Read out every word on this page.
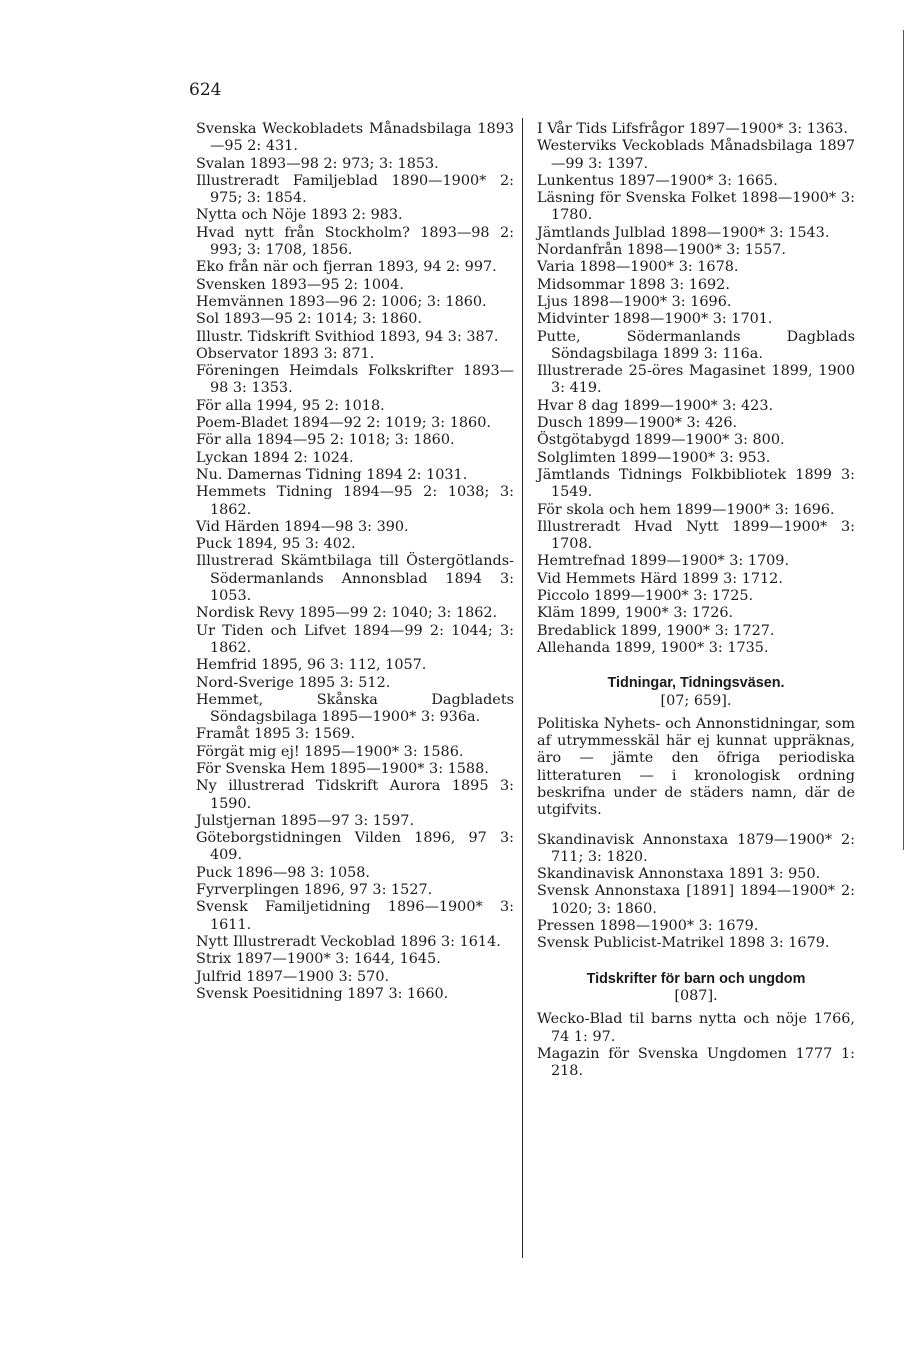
624

Svenska Weckobladets Månadsbilaga 1893—95 2: 431.

Svalan 1893—98 2: 973; 3: 1853.

Illustreradt Familjeblad 1890—1900* 2: 975; 3: 1854.

Nytta och Nöje 1893 2: 983.

Hvad nytt från Stockholm? 1893—98 2: 993; 3: 1708, 1856.

Eko från när och fjerran 1893, 94 2: 997.

Svensken 1893—95 2: 1004.

Hemvännen 1893—96 2: 1006; 3: 1860.

Sol 1893—95 2: 1014; 3: 1860.

Illustr. Tidskrift Svithiod 1893, 94 3: 387.

Observator 1893 3: 871.

Föreningen Heimdals Folkskrifter 1893—98 3: 1353.

För alla 1994, 95 2: 1018.

Poem-Bladet 1894—92 2: 1019; 3: 1860.

För alla 1894—95 2: 1018; 3: 1860.

Lyckan 1894 2: 1024.

Nu. Damernas Tidning 1894 2: 1031.

Hemmets Tidning 1894—95 2: 1038; 3: 1862.

Vid Härden 1894—98 3: 390.

Puck 1894, 95 3: 402.

Illustrerad Skämtbilaga till Östergötlands-Södermanlands Annonsblad 1894 3: 1053.

Nordisk Revy 1895—99 2: 1040; 3: 1862.

Ur Tiden och Lifvet 1894—99 2: 1044; 3: 1862.

Hemfrid 1895, 96 3: 112, 1057.

Nord-Sverige 1895 3: 512.

Hemmet, Skånska Dagbladets Söndagsbilaga 1895—1900* 3: 936a.

Framåt 1895 3: 1569.

Förgät mig ej! 1895—1900* 3: 1586.

För Svenska Hem 1895—1900* 3: 1588.

Ny illustrerad Tidskrift Aurora 1895 3: 1590.

Julstjernan 1895—97 3: 1597.

Göteborgstidningen Vilden 1896, 97 3: 409.

Puck 1896—98 3: 1058.

Fyrverplingen 1896, 97 3: 1527.

Svensk Familjetidning 1896—1900* 3: 1611.

Nytt Illustreradt Veckoblad 1896 3: 1614.

Strix 1897—1900* 3: 1644, 1645.

Julfrid 1897—1900 3: 570.

Svensk Poesitidning 1897 3: 1660.

I Vår Tids Lifsfrågor 1897—1900* 3: 1363.

Westerviks Veckoblads Månadsbilaga 1897—99 3: 1397.

Lunkentus 1897—1900* 3: 1665.

Läsning för Svenska Folket 1898—1900* 3: 1780.

Jämtlands Julblad 1898—1900* 3: 1543.

Nordanfrån 1898—1900* 3: 1557.

Varia 1898—1900* 3: 1678.

Midsommar 1898 3: 1692.

Ljus 1898—1900* 3: 1696.

Midvinter 1898—1900* 3: 1701.

Putte, Södermanlands Dagblads Söndagsbilaga 1899 3: 116a.

Illustrerade 25-öres Magasinet 1899, 1900 3: 419.

Hvar 8 dag 1899—1900* 3: 423.

Dusch 1899—1900* 3: 426.

Östgötabygd 1899—1900* 3: 800.

Solglimten 1899—1900* 3: 953.

Jämtlands Tidnings Folkbibliotek 1899 3: 1549.

För skola och hem 1899—1900* 3: 1696.

Illustreradt Hvad Nytt 1899—1900* 3: 1708.

Hemtrefnad 1899—1900* 3: 1709.

Vid Hemmets Härd 1899 3: 1712.

Piccolo 1899—1900* 3: 1725.

Kläm 1899, 1900* 3: 1726.

Bredablick 1899, 1900* 3: 1727.

Allehanda 1899, 1900* 3: 1735.

Tidningar, Tidningsväsen.
[07; 659].

Politiska Nyhets- och Annonstidningar, som af utrymmesskäl här ej kunnat uppräknas, äro — jämte den öfriga periodiska litteraturen — i kronologisk ordning beskrifna under de städers namn, där de utgifvits.

Skandinavisk Annonstaxa 1879—1900* 2: 711; 3: 1820.

Skandinavisk Annonstaxa 1891 3: 950.

Svensk Annonstaxa [1891] 1894—1900* 2: 1020; 3: 1860.

Pressen 1898—1900* 3: 1679.

Svensk Publicist-Matrikel 1898 3: 1679.

Tidskrifter för barn och ungdom
[087].

Wecko-Blad til barns nytta och nöje 1766, 74 1: 97.

Magazin för Svenska Ungdomen 1777 1: 218.
